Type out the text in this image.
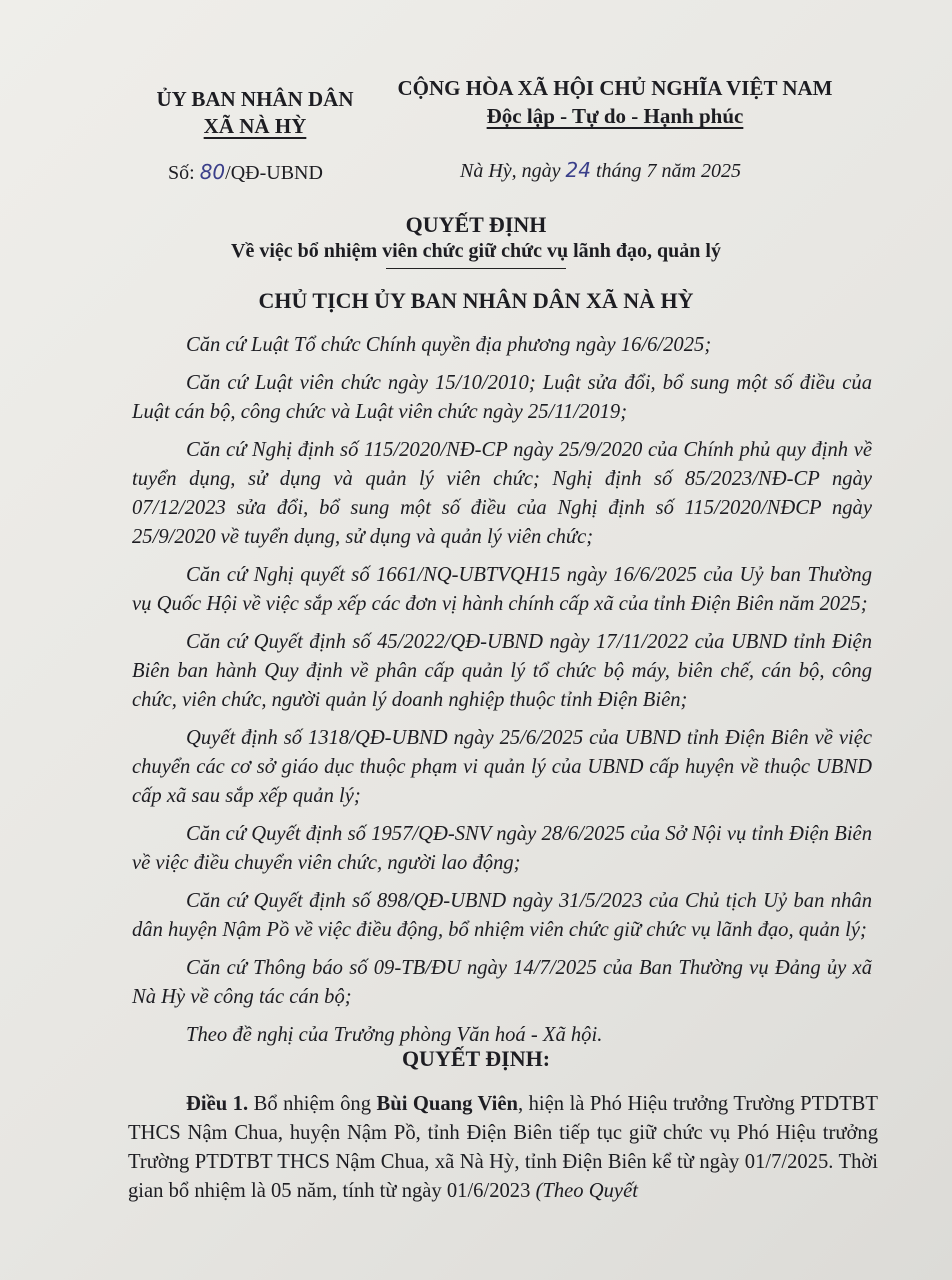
ỦY BAN NHÂN DÂN
XÃ NÀ HỲ
CỘNG HÒA XÃ HỘI CHỦ NGHĨA VIỆT NAM
Độc lập - Tự do - Hạnh phúc
Số: 80/QĐ-UBND	Nà Hỳ, ngày 24 tháng 7 năm 2025
QUYẾT ĐỊNH
Về việc bổ nhiệm viên chức giữ chức vụ lãnh đạo, quản lý
CHỦ TỊCH ỦY BAN NHÂN DÂN XÃ NÀ HỲ

Căn cứ Luật Tổ chức Chính quyền địa phương ngày 16/6/2025;

Căn cứ Luật viên chức ngày 15/10/2010; Luật sửa đổi, bổ sung một số điều của Luật cán bộ, công chức và Luật viên chức ngày 25/11/2019;

Căn cứ Nghị định số 115/2020/NĐ-CP ngày 25/9/2020 của Chính phủ quy định về tuyển dụng, sử dụng và quản lý viên chức; Nghị định số 85/2023/NĐ-CP ngày 07/12/2023 sửa đổi, bổ sung một số điều của Nghị định số 115/2020/NĐCP ngày 25/9/2020 về tuyển dụng, sử dụng và quản lý viên chức;

Căn cứ Nghị quyết số 1661/NQ-UBTVQH15 ngày 16/6/2025 của Uỷ ban Thường vụ Quốc Hội về việc sắp xếp các đơn vị hành chính cấp xã của tỉnh Điện Biên năm 2025;

Căn cứ Quyết định số 45/2022/QĐ-UBND ngày 17/11/2022 của UBND tỉnh Điện Biên ban hành Quy định về phân cấp quản lý tổ chức bộ máy, biên chế, cán bộ, công chức, viên chức, người quản lý doanh nghiệp thuộc tỉnh Điện Biên;

Quyết định số 1318/QĐ-UBND ngày 25/6/2025 của UBND tỉnh Điện Biên về việc chuyển các cơ sở giáo dục thuộc phạm vi quản lý của UBND cấp huyện về thuộc UBND cấp xã sau sắp xếp quản lý;

Căn cứ Quyết định số 1957/QĐ-SNV ngày 28/6/2025 của Sở Nội vụ tỉnh Điện Biên về việc điều chuyển viên chức, người lao động;

Căn cứ Quyết định số 898/QĐ-UBND ngày 31/5/2023 của Chủ tịch Uỷ ban nhân dân huyện Nậm Pồ về việc điều động, bổ nhiệm viên chức giữ chức vụ lãnh đạo, quản lý;

Căn cứ Thông báo số 09-TB/ĐU ngày 14/7/2025 của Ban Thường vụ Đảng ủy xã Nà Hỳ về công tác cán bộ;

Theo đề nghị của Trưởng phòng Văn hoá - Xã hội.

QUYẾT ĐỊNH:
Điều 1. Bổ nhiệm ông Bùi Quang Viên, hiện là Phó Hiệu trưởng Trường PTDTBT THCS Nậm Chua, huyện Nậm Pồ, tỉnh Điện Biên tiếp tục giữ chức vụ Phó Hiệu trưởng Trường PTDTBT THCS Nậm Chua, xã Nà Hỳ, tỉnh Điện Biên kể từ ngày 01/7/2025. Thời gian bổ nhiệm là 05 năm, tính từ ngày 01/6/2023 (Theo Quyết
